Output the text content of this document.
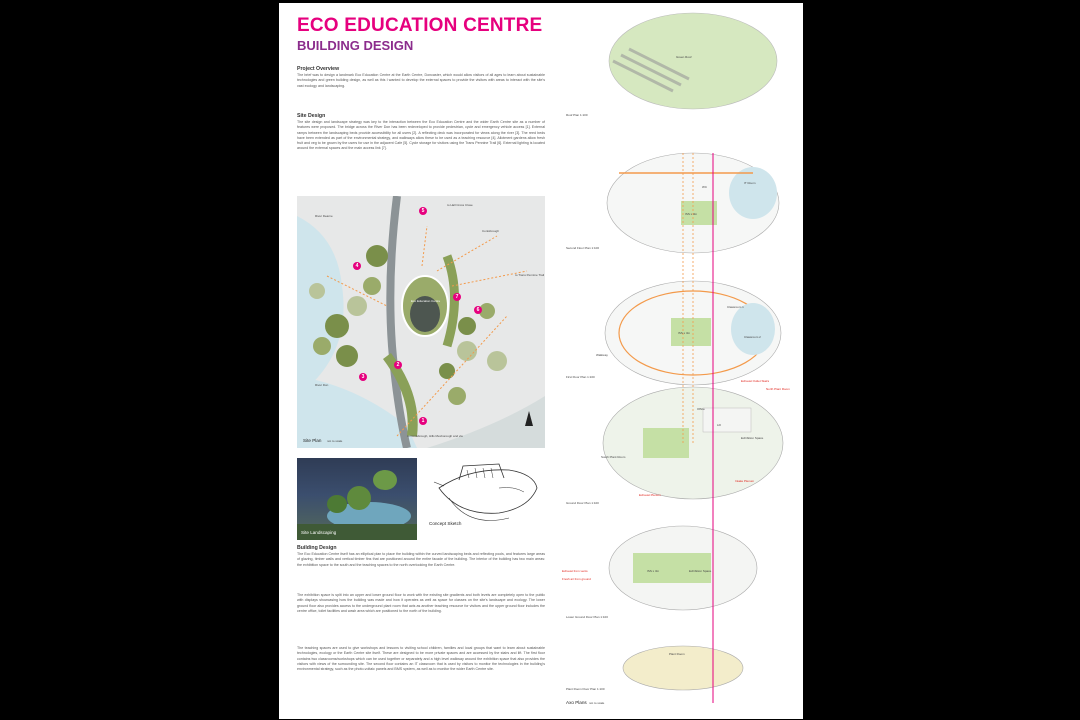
ECO EDUCATION CENTRE
BUILDING DESIGN
Project Overview
The brief was to design a landmark Eco Education Centre at the Earth Centre, Doncaster, which would allow visitors of all ages to learn about sustainable technologies and green building design, as well as this I wanted to develop the external spaces to provide the visitors with areas to interact with the site's vast ecology and landscaping.
Site Design
The site design and landscape strategy was key to the interaction between the Eco Education Centre and the wider Earth Centre site as a number of features were proposed. The bridge across the River Don has been redeveloped to provide pedestrian, cycle and emergency vehicle access [1]. External ramps between the landscaping beds provide accessibility for all users [2]. A reflecting deck was incorporated for views along the river [3]. The reed beds have been extended as part of the environmental strategy, and walkways allow these to be used as a teaching resource [4]. Allotment gardens allow fresh fruit and veg to be grown by the users for use in the adjacent Cafe [5]. Cycle storage for visitors using the Trans Pennine Trail [6]. External lighting is located around the external spaces and the main access link [7].
River Dearne
to Hall Cross Close
Conisbrough
to Trans Pennine Trail
River Don
to Conisbrough, Hills Mexborough and via
Eco Education Centre
5
4
6
7
3
2
1
Site Plan not to scale
Site Landscaping
Concept Sketch
Building Design
The Eco Education Centre itself has an elliptical plan to place the building within the curved landscaping beds and reflecting pools, and features large areas of glazing, timber walls and vertical timber fins that are positioned around the entire facade of the building. The interior of the building has two main areas: the exhibition space to the south and the teaching spaces to the north overlooking the Earth Centre.
The exhibition space is split into an upper and lower ground floor to work with the existing site gradients and both levels are completely open to the public with displays showcasing how the building was made and how it operates as well as space for classes on the site's landscape and ecology. The lower ground floor also provides access to the underground plant room that acts as another teaching resource for visitors and the upper ground floor includes the centre office, toilet facilities and wash area which are positioned to the north of the building.
The teaching spaces are used to give workshops and lessons to visiting school children, families and local groups that want to learn about sustainable technologies, ecology or the Earth Centre site itself. These are designed to be more private spaces and are accessed by the stairs and lift. The first floor contains two classrooms/workshops which can be used together or separately and a high level walkway around the exhibition space that also provides the visitors with views of the surrounding site. The second floor contains an IT classroom that is used by visitors to monitor the technologies in the building's environmental strategy, such as the photo-voltaic panels and BMS system, as well as to monitor the wider Earth Centre site.
Green Roof
Roof Plan 1:100
IT Room
WC
ISS x 3m
Second Floor Plan 1:100
Classroom 1
Classroom 2
ISS x 3m
Walkway
First Floor Plan 1:100
Office
Exhibition Space
North Plant Room
South Plant Room
Lift
Ground Floor Plan 1:100
Exhaust Outlet Stairs
Intake Plenum
Exhaust Plenum
Exhaust from vents
Fresh air from ground
Exhibition Space
ISS x 3m
Lower Ground Floor Plan 1:100
Plant Room
Plant Room Floor Plan 1:100
Axo Plans not to scale
